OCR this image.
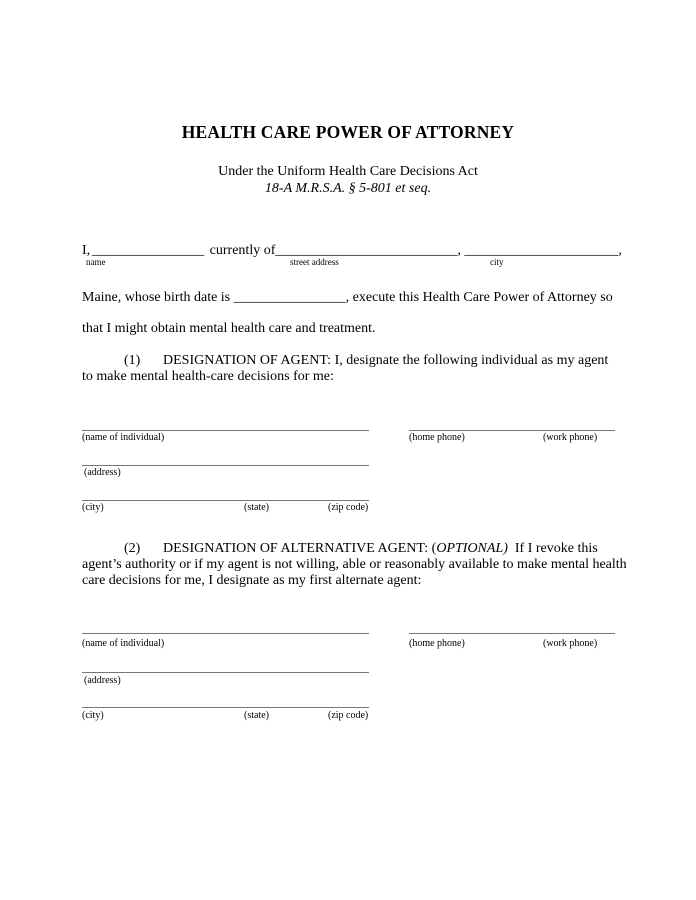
HEALTH CARE POWER OF ATTORNEY
Under the Uniform Health Care Decisions Act
18-A M.R.S.A. § 5-801 et seq.
I, ________________ currently of__________________________, ______________________,
name	street address	city
Maine, whose birth date is ________________, execute this Health Care Power of Attorney so
that I might obtain mental health care and treatment.
(1) DESIGNATION OF AGENT: I, designate the following individual as my agent
to make mental health-care decisions for me:
(name of individual)	(home phone)	(work phone)
(address)
(city)	(state)	(zip code)
(2) DESIGNATION OF ALTERNATIVE AGENT: (OPTIONAL)  If I revoke this
agent’s authority or if my agent is not willing, able or reasonably available to make mental health
care decisions for me, I designate as my first alternate agent:
(name of individual)	(home phone)	(work phone)
(address)
(city)	(state)	(zip code)
